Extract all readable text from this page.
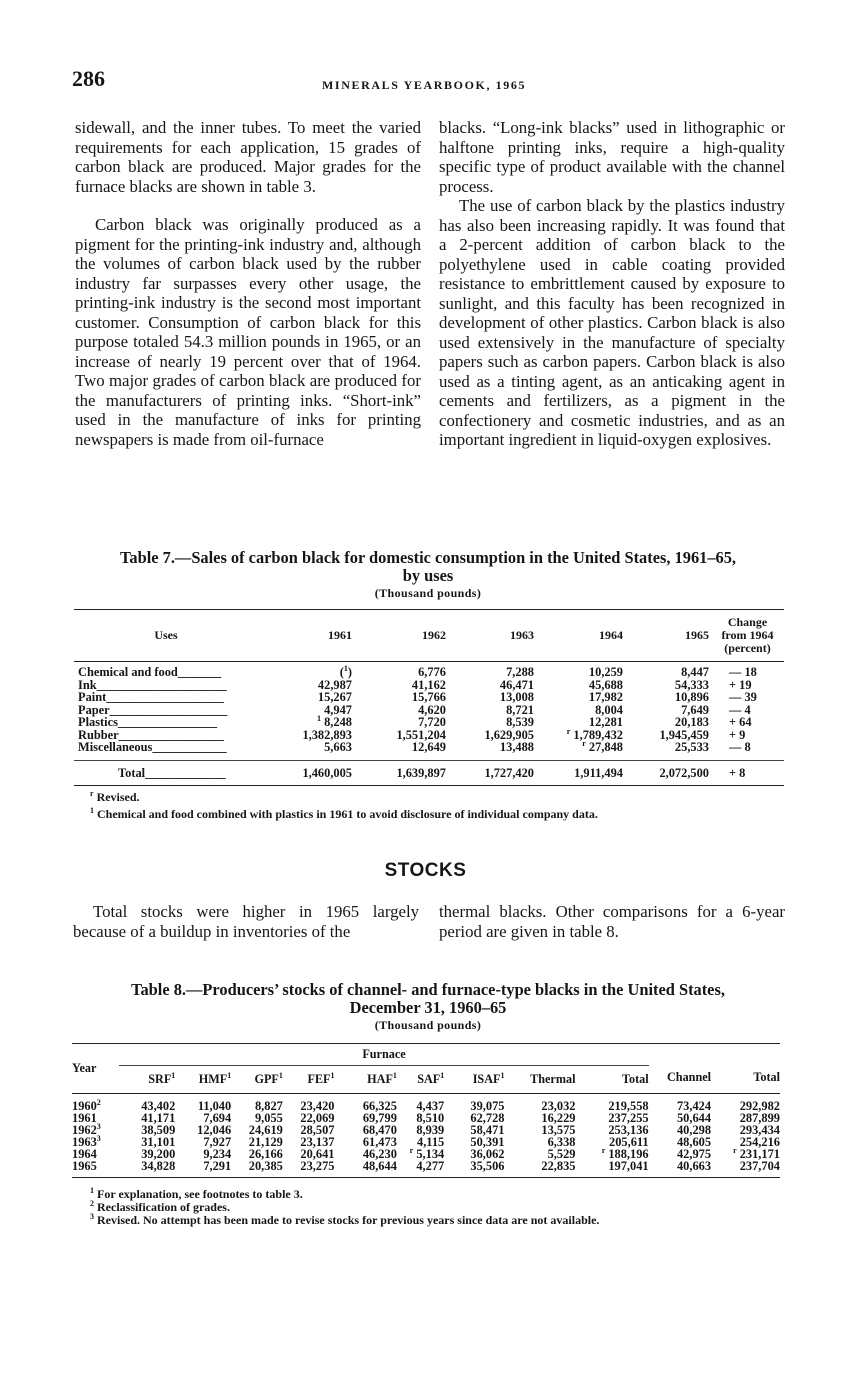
286	MINERALS YEARBOOK, 1965

sidewall, and the inner tubes. To meet the varied requirements for each application, 15 grades of carbon black are produced. Major grades for the furnace blacks are shown in table 3.

Carbon black was originally produced as a pigment for the printing-ink industry and, although the volumes of carbon black used by the rubber industry far surpasses every other usage, the printing-ink industry is the second most important customer. Consumption of carbon black for this purpose totaled 54.3 million pounds in 1965, or an increase of nearly 19 percent over that of 1964. Two major grades of carbon black are produced for the manufacturers of printing inks. “Short-ink” used in the manufacture of inks for printing newspapers is made from oil-furnace

blacks. “Long-ink blacks” used in lithographic or halftone printing inks, require a high-quality specific type of product available with the channel process.

The use of carbon black by the plastics industry has also been increasing rapidly. It was found that a 2-percent addition of carbon black to the polyethylene used in cable coating provided resistance to embrittlement caused by exposure to sunlight, and this faculty has been recognized in development of other plastics. Carbon black is also used extensively in the manufacture of specialty papers such as carbon papers. Carbon black is also used as a tinting agent, as an anticaking agent in cements and fertilizers, as a pigment in the confectionery and cosmetic industries, and as an important ingredient in liquid-oxygen explosives.

Table 7.—Sales of carbon black for domestic consumption in the United States, 1961–65,
by uses
(Thousand pounds)
Uses	1961	1962	1963	1964	1965	Change
from 1964
(percent)

Chemical and food_______	($^1$)	6,776	7,288	10,259	8,447	— 18
Ink_____________________	42,987	41,162	46,471	45,688	54,333	+ 19
Paint___________________	15,267	15,766	13,008	17,982	10,896	— 39
Paper___________________	4,947	4,620	8,721	8,004	7,649	— 4
Plastics________________	$^1$ 8,248	7,720	8,539	12,281	20,183	+ 64
Rubber_________________	1,382,893	1,551,204	1,629,905	$^r$ 1,789,432	1,945,459	+ 9
Miscellaneous____________	5,663	12,649	13,488	$^r$ 27,848	25,533	— 8
Total_____________	1,460,005	1,639,897	1,727,420	1,911,494	2,072,500	+ 8
$^r$ Revised.
$^1$ Chemical and food combined with plastics in 1961 to avoid disclosure of individual company data.
STOCKS

Total stocks were higher in 1965 largely because of a buildup in inventories of the

thermal blacks. Other comparisons for a 6-year period are given in table 8.

Table 8.—Producers’ stocks of channel- and furnace-type blacks in the United States,
December 31, 1960–65
(Thousand pounds)
Year	Furnace									Channel	Total
	SRF$^1$	HMF$^1$	GPF$^1$	FEF$^1$	HAF$^1$	SAF$^1$	ISAF$^1$	Thermal	Total		
1960$^2$	43,402	11,040	8,827	23,420	66,325	4,437	39,075	23,032	219,558	73,424	292,982
1961	41,171	7,694	9,055	22,069	69,799	8,510	62,728	16,229	237,255	50,644	287,899
1962$^3$	38,509	12,046	24,619	28,507	68,470	8,939	58,471	13,575	253,136	40,298	293,434
1963$^3$	31,101	7,927	21,129	23,137	61,473	4,115	50,391	6,338	205,611	48,605	254,216
1964	39,200	9,234	26,166	20,641	46,230	$^r$ 5,134	36,062	5,529	$^r$ 188,196	42,975	$^r$ 231,171
1965	34,828	7,291	20,385	23,275	48,644	4,277	35,506	22,835	197,041	40,663	237,704
$^1$ For explanation, see footnotes to table 3.
$^2$ Reclassification of grades.
$^3$ Revised. No attempt has been made to revise stocks for previous years since data are not available.
